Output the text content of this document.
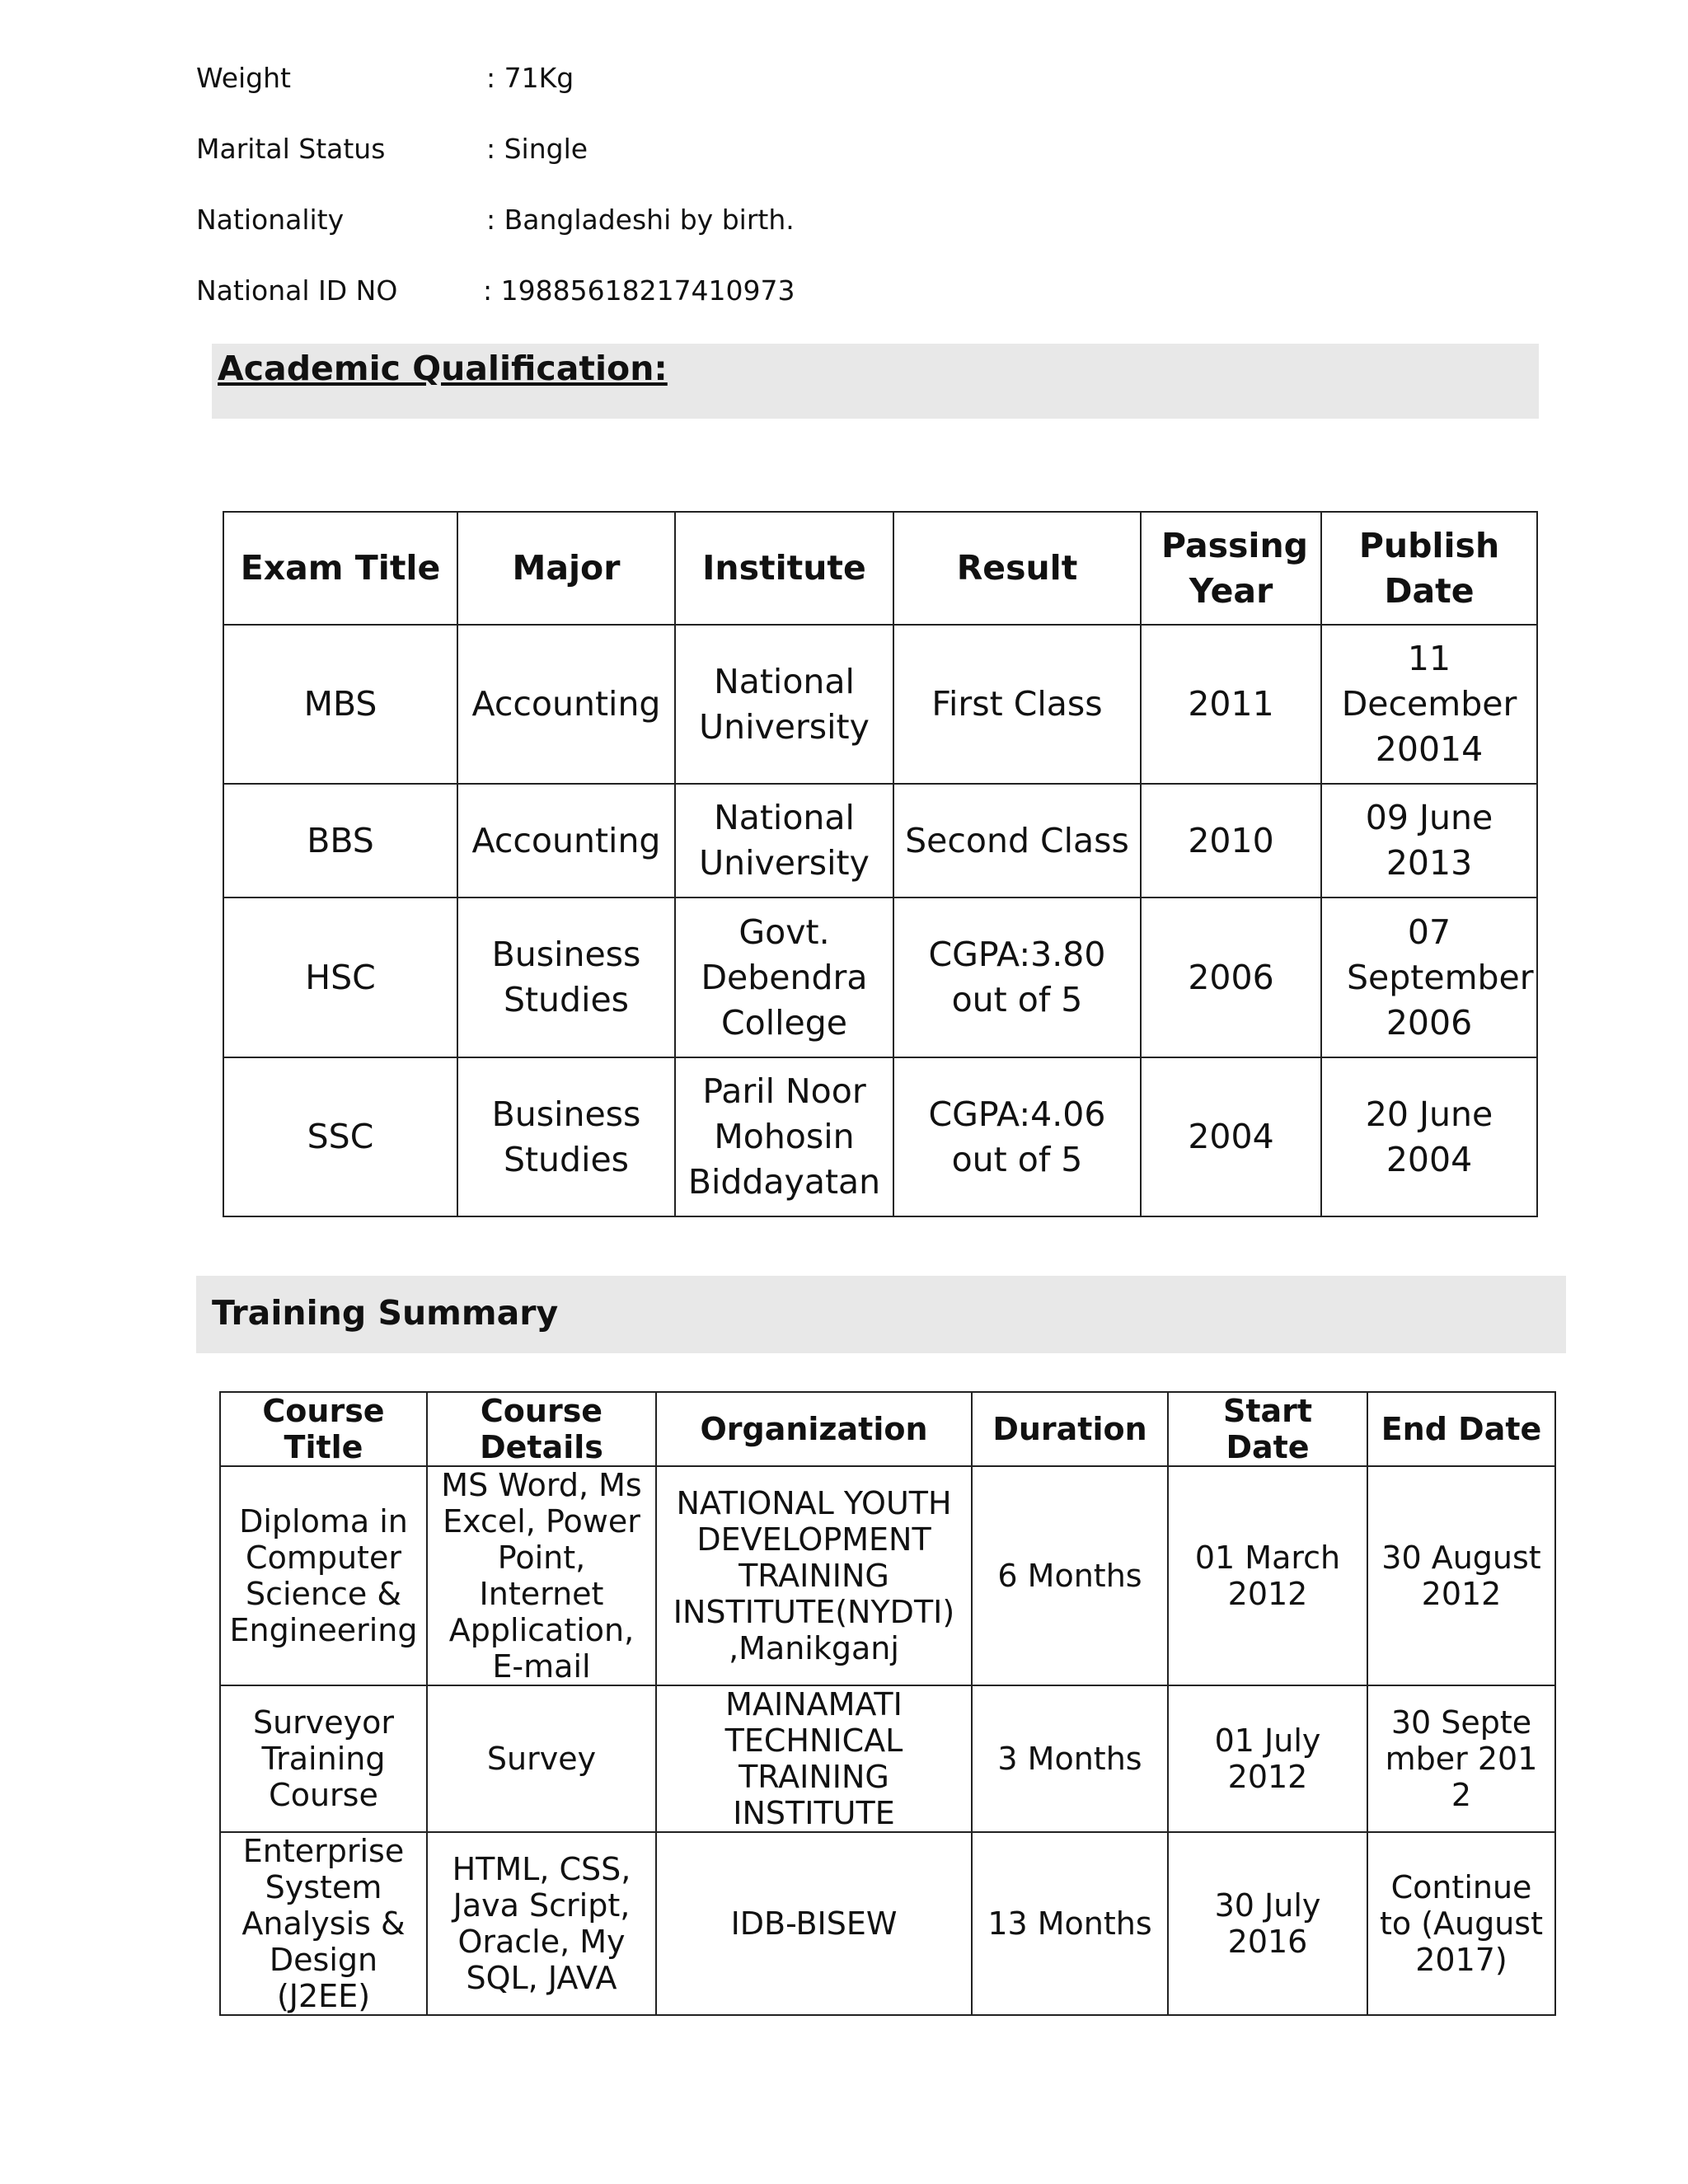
Weight	: 71Kg
Marital Status	: Single
Nationality	: Bangladeshi by birth.
National ID NO	: 19885618217410973
Academic Qualification:
Exam Title	Major	Institute	Result	Passing Year	Publish Date
MBS	Accounting	National University	First Class	2011	11 December 20014
BBS	Accounting	National University	Second Class	2010	09 June 2013
HSC	Business Studies	Govt. Debendra College	CGPA:3.80 out of 5	2006	07 September 2006
SSC	Business Studies	Paril Noor Mohosin Biddayatan	CGPA:4.06 out of 5	2004	20 June 2004
Training Summary
Course Title	Course Details	Organization	Duration	Start Date	End Date
Diploma in Computer Science & Engineering	MS Word, Ms Excel, Power Point, Internet Application, E-mail	NATIONAL YOUTH DEVELOPMENT TRAINING INSTITUTE(NYDTI) ,Manikganj	6 Months	01 March 2012	30 August 2012
Surveyor Training Course	Survey	MAINAMATI TECHNICAL TRAINING INSTITUTE	3 Months	01 July 2012	30 September 2012
Enterprise System Analysis & Design (J2EE)	HTML, CSS, Java Script, Oracle, My SQL, JAVA	IDB-BISEW	13 Months	30 July 2016	Continue to (August 2017)
